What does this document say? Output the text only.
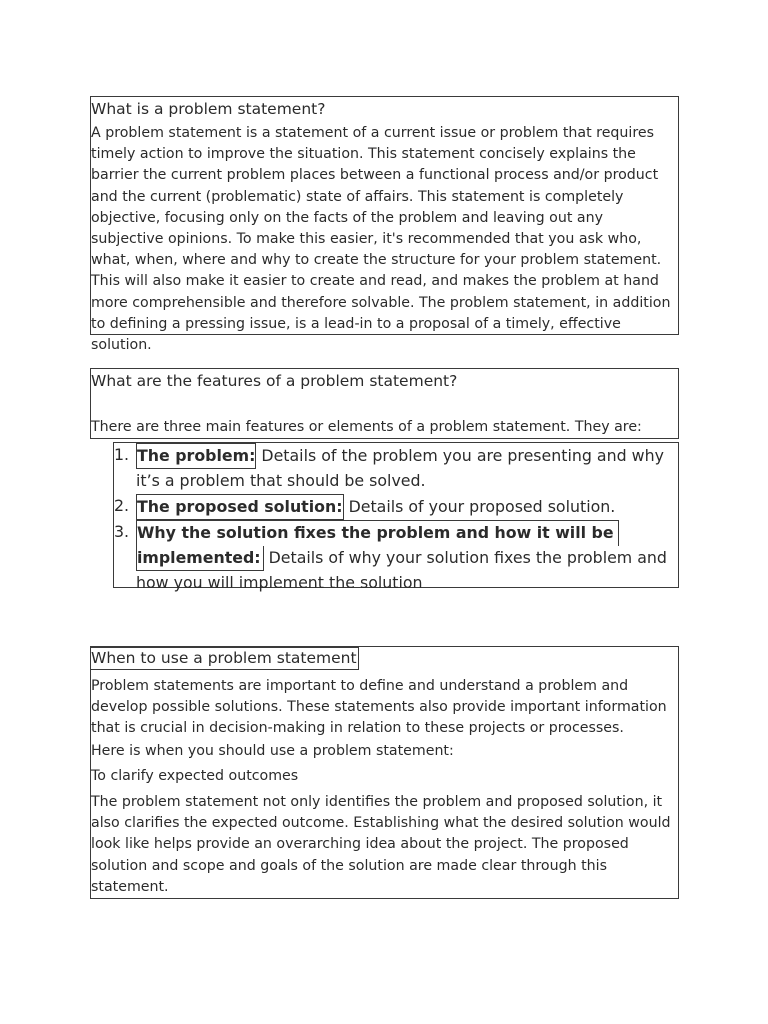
What is a problem statement?

A problem statement is a statement of a current issue or problem that requires timely action to improve the situation. This statement concisely explains the barrier the current problem places between a functional process and/or product and the current (problematic) state of affairs. This statement is completely objective, focusing only on the facts of the problem and leaving out any subjective opinions. To make this easier, it's recommended that you ask who, what, when, where and why to create the structure for your problem statement. This will also make it easier to create and read, and makes the problem at hand more comprehensible and therefore solvable. The problem statement, in addition to defining a pressing issue, is a lead-in to a proposal of a timely, effective solution.

What are the features of a problem statement?

There are three main features or elements of a problem statement. They are:

1. The problem: Details of the problem you are presenting and why it’s a problem that should be solved.
2. The proposed solution: Details of your proposed solution.
3. Why the solution fixes the problem and how it will be
implemented: Details of why your solution fixes the problem and how you will implement the solution
When to use a problem statement

Problem statements are important to define and understand a problem and develop possible solutions. These statements also provide important information that is crucial in decision-making in relation to these projects or processes.

Here is when you should use a problem statement:

To clarify expected outcomes

The problem statement not only identifies the problem and proposed solution, it also clarifies the expected outcome. Establishing what the desired solution would look like helps provide an overarching idea about the project. The proposed solution and scope and goals of the solution are made clear through this statement.
